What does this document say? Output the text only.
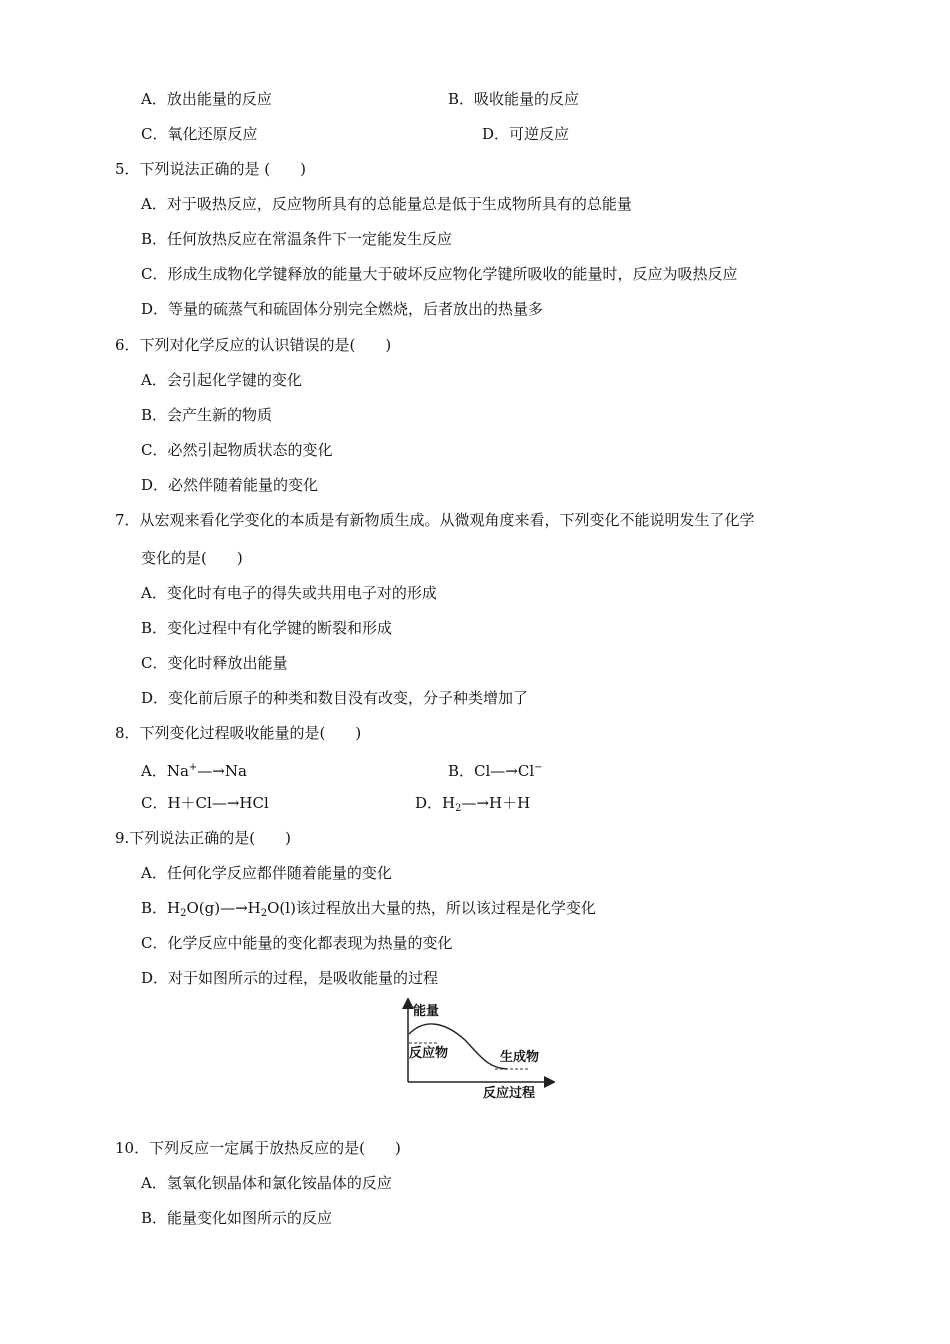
A．放出能量的反应	B．吸收能量的反应
C．氧化还原反应	D．可逆反应
5．下列说法正确的是 (　　)
A．对于吸热反应，反应物所具有的总能量总是低于生成物所具有的总能量
B．任何放热反应在常温条件下一定能发生反应
C．形成生成物化学键释放的能量大于破坏反应物化学键所吸收的能量时，反应为吸热反应
D．等量的硫蒸气和硫固体分别完全燃烧，后者放出的热量多
6．下列对化学反应的认识错误的是(　　)
A．会引起化学键的变化
B．会产生新的物质
C．必然引起物质状态的变化
D．必然伴随着能量的变化
7．从宏观来看化学变化的本质是有新物质生成。从微观角度来看，下列变化不能说明发生了化学
变化的是(　　)
A．变化时有电子的得失或共用电子对的形成
B．变化过程中有化学键的断裂和形成
C．变化时释放出能量
D．变化前后原子的种类和数目没有改变，分子种类增加了
8．下列变化过程吸收能量的是(　　)
A．Na+—→Na	B．Cl—→Cl−
C．H＋Cl—→HCl	D．$H_2—\to H+H$
9.下列说法正确的是(　　)
A．任何化学反应都伴随着能量的变化
B．$H_2O(g)—\to H_2O(l)$该过程放出大量的热，所以该过程是化学变化
C．化学反应中能量的变化都表现为热量的变化
D．对于如图所示的过程，是吸收能量的过程
能量
反应物	生成物
反应过程
10．下列反应一定属于放热反应的是(　　)
A．氢氧化钡晶体和氯化铵晶体的反应
B．能量变化如图所示的反应
